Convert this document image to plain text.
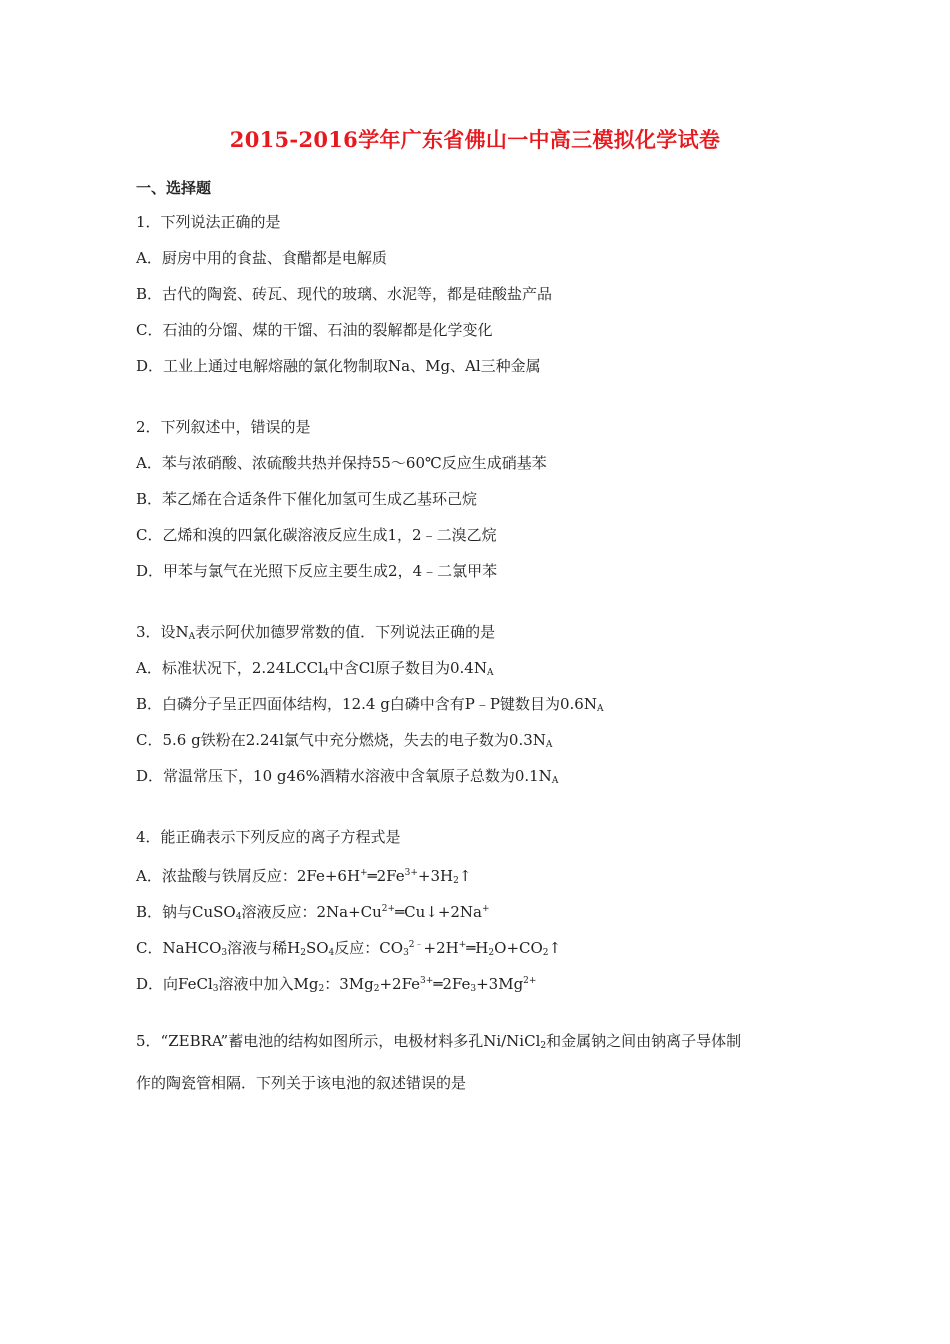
2015-2016学年广东省佛山一中高三模拟化学试卷
一、选择题
1．下列说法正确的是
A．厨房中用的食盐、食醋都是电解质
B．古代的陶瓷、砖瓦、现代的玻璃、水泥等，都是硅酸盐产品
C．石油的分馏、煤的干馏、石油的裂解都是化学变化
D．工业上通过电解熔融的氯化物制取Na、Mg、Al三种金属
2．下列叙述中，错误的是
A．苯与浓硝酸、浓硫酸共热并保持55～60℃反应生成硝基苯
B．苯乙烯在合适条件下催化加氢可生成乙基环己烷
C．乙烯和溴的四氯化碳溶液反应生成1，2﹣二溴乙烷
D．甲苯与氯气在光照下反应主要生成2，4﹣二氯甲苯
3．设$N_A$表示阿伏加德罗常数的值．下列说法正确的是
A．标准状况下，2.24LCCl$_4$中含Cl原子数目为$0.4N_A$
B．白磷分子呈正四面体结构，12.4 g白磷中含有P﹣P键数目为$0.6N_A$
C．5.6 g铁粉在2.24l氯气中充分燃烧，失去的电子数为$0.3N_A$
D．常温常压下，10 g46%酒精水溶液中含氧原子总数为$0.1N_A$
4．能正确表示下列反应的离子方程式是
A．浓盐酸与铁屑反应：$2Fe+6H^+═2Fe^{3+}+3H_2↑$
B．钠与CuSO$_4$溶液反应：$2Na+Cu^{2+}═Cu↓+2Na^+$
C．NaHCO$_3$溶液与稀$H_2SO_4$反应：$CO_3^{2﹣}+2H^+═H_2O+CO_2↑$
D．向FeCl$_3$溶液中加入$Mg_2$：$3Mg_2+2Fe^{3+}═2Fe_3+3Mg^{2+}$
5．“ZEBRA”蓄电池的结构如图所示，电极材料多孔Ni/NiCl$_2$和金属钠之间由钠离子导体制
作的陶瓷管相隔．下列关于该电池的叙述错误的是
